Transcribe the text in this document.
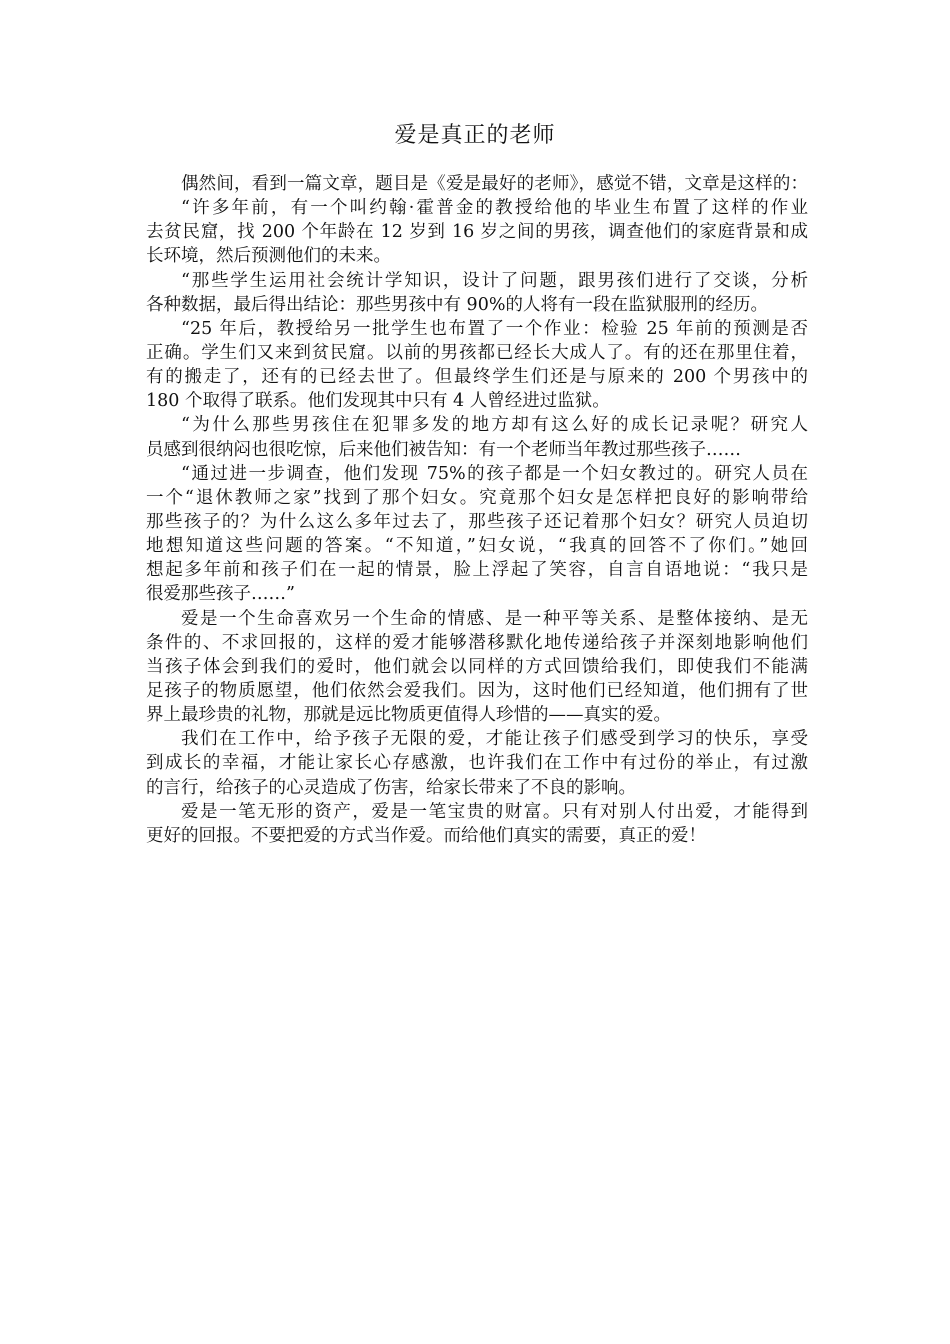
爱是真正的老师
偶然间，看到一篇文章，题目是《爱是最好的老师》，感觉不错，文章是这样的：
“许多年前，有一个叫约翰·霍普金的教授给他的毕业生布置了这样的作业
去贫民窟，找 200 个年龄在 12 岁到 16 岁之间的男孩，调查他们的家庭背景和成
长环境，然后预测他们的未来。
“那些学生运用社会统计学知识，设计了问题，跟男孩们进行了交谈，分析
各种数据，最后得出结论：那些男孩中有 90%的人将有一段在监狱服刑的经历。
“25 年后，教授给另一批学生也布置了一个作业：检验 25 年前的预测是否
正确。学生们又来到贫民窟。以前的男孩都已经长大成人了。有的还在那里住着，
有的搬走了，还有的已经去世了。但最终学生们还是与原来的 200 个男孩中的
180 个取得了联系。他们发现其中只有 4 人曾经进过监狱。
“为什么那些男孩住在犯罪多发的地方却有这么好的成长记录呢？研究人
员感到很纳闷也很吃惊，后来他们被告知：有一个老师当年教过那些孩子……
“通过进一步调查，他们发现 75%的孩子都是一个妇女教过的。研究人员在
一个“退休教师之家”找到了那个妇女。究竟那个妇女是怎样把良好的影响带给
那些孩子的？为什么这么多年过去了，那些孩子还记着那个妇女？研究人员迫切
地想知道这些问题的答案。“不知道，”妇女说，“我真的回答不了你们。”她回
想起多年前和孩子们在一起的情景，脸上浮起了笑容，自言自语地说：“我只是
很爱那些孩子……”
爱是一个生命喜欢另一个生命的情感、是一种平等关系、是整体接纳、是无
条件的、不求回报的，这样的爱才能够潜移默化地传递给孩子并深刻地影响他们
当孩子体会到我们的爱时，他们就会以同样的方式回馈给我们，即使我们不能满
足孩子的物质愿望，他们依然会爱我们。因为，这时他们已经知道，他们拥有了世
界上最珍贵的礼物，那就是远比物质更值得人珍惜的——真实的爱。
我们在工作中，给予孩子无限的爱，才能让孩子们感受到学习的快乐，享受
到成长的幸福，才能让家长心存感激，也许我们在工作中有过份的举止，有过激
的言行，给孩子的心灵造成了伤害，给家长带来了不良的影响。
爱是一笔无形的资产，爱是一笔宝贵的财富。只有对别人付出爱，才能得到
更好的回报。不要把爱的方式当作爱。而给他们真实的需要，真正的爱！
